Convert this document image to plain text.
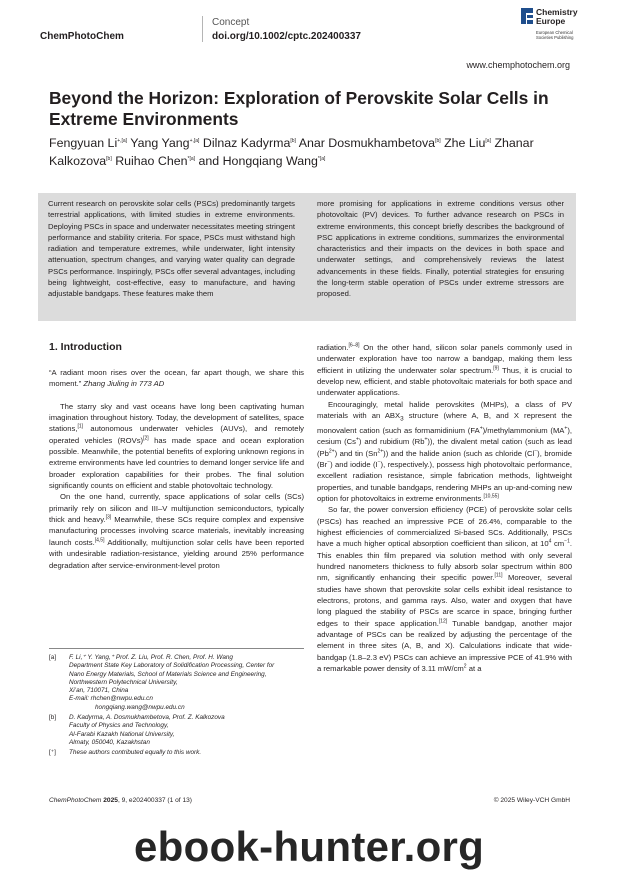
ChemPhotoChem
Concept
doi.org/10.1002/cptc.202400337
Chemistry
Europe
European Chemical
Societies Publishing
www.chemphotochem.org
Beyond the Horizon: Exploration of Perovskite Solar Cells in Extreme Environments
Fengyuan $Li^{+,[a]}$ Yang Yang$^{+,[a]}$ Dilnaz Kadyrma[b] Anar Dosmukhambetova[b] Zhe Liu[a] Zhanar Kalkozova[b] Ruihao Chen$^{*[a]}$ and Hongqiang Wang$^{*[a]}$
Current research on perovskite solar cells (PSCs) predominantly targets terrestrial applications, with limited studies in extreme environments. Deploying PSCs in space and underwater necessitates meeting stringent performance and stability criteria. For space, PSCs must withstand high radiation and temperature extremes, while underwater, light intensity attenuation, spectrum changes, and varying water quality can degrade PSCs performance. Inspiringly, PSCs offer several advantages, including being lightweight, cost-effective, easy to manufacture, and having adjustable bandgaps. These features make them
more promising for applications in extreme conditions versus other photovoltaic (PV) devices. To further advance research on PSCs in extreme environments, this concept briefly describes the background of PSC applications in extreme conditions, summarizes the environmental characteristics and their impacts on the devices in both space and underwater settings, and comprehensively reviews the latest advancements in these fields. Finally, potential strategies for ensuring the long-term stable operation of PSCs under extreme stressors are proposed.
1. Introduction

“A radiant moon rises over the ocean, far apart though, we share this moment.” Zhang Jiuling in 773 AD

The starry sky and vast oceans have long been captivating human imagination throughout history. Today, the development of satellites, space stations,[1] autonomous underwater vehicles (AUVs), and remotely operated vehicles (ROVs)[2] has made space and ocean exploration possible. Meanwhile, the potential benefits of exploring unknown regions in extreme environments have led countries to demand longer service life and broader exploration capabilities for their probes. The final solution significantly counts on efficient and stable photovoltaic technology.

On the one hand, currently, space applications of solar cells (SCs) primarily rely on silicon and III–V multijunction semiconductors, typically thick and heavy.[3] Meanwhile, these SCs require complex and expensive manufacturing processes involving scarce materials, inevitably increasing launch costs.[4,5] Additionally, multijunction solar cells have been reported with undesirable radiation-resistance, yielding around 25% performance degradation after service-environment-level proton

radiation.[6–8] On the other hand, silicon solar panels commonly used in underwater exploration have too narrow a bandgap, making them less efficient in utilizing the underwater solar spectrum.[9] Thus, it is crucial to develop new, efficient, and stable photovoltaic materials for both space and underwater applications.

Encouragingly, metal halide perovskites (MHPs), a class of PV materials with an $ABX_3$ structure (where A, B, and X represent the monovalent cation (such as formamidinium (FA+)/methylammonium (MA+), cesium (Cs+) and rubidium (Rb+)), the divalent metal cation (such as lead $(Pb^{2+})$ and tin $(Sn^{2+})$) and the halide anion (such as chloride (Cl−), bromide (Br−) and iodide (I−), respectively.), possess high photovoltaic performance, excellent radiation resistance, simple fabrication methods, lightweight properties, and tunable bandgaps, rendering MHPs an up-and-coming new option for photovoltaics in extreme environments.[10,55]

So far, the power conversion efficiency (PCE) of perovskite solar cells (PSCs) has reached an impressive PCE of 26.4%, comparable to the highest efficiencies of commercialized Si-based SCs. Additionally, PSCs have a much higher optical absorption coefficient than silicon, at $10^4$ $cm^{-1}$. This enables thin film prepared via solution method with only several hundred nanometers thickness to fully absorb solar spectrum within 800 nm, significantly enhancing their specific power.[11] Moreover, several studies have shown that perovskite solar cells exhibit ideal resistance to electrons, protons, and gamma rays. Also, water and oxygen that have long plagued the stability of PSCs are scarce in space, bringing further edges to their space application.[12] Tunable bandgap, another major advantage of PSCs can be realized by adjusting the percentage of the element in three sites (A, B, and X). Calculations indicate that wide-bandgap (1.8–2.3 eV) PSCs can achieve an impressive PCE of 41.9% with a remarkable power density of 3.11 $mW/cm^2$ at a

[a] F. Li,⁺ Y. Yang,⁺ Prof. Z. Liu, Prof. R. Chen, Prof. H. Wang
Department State Key Laboratory of Solidification Processing, Center for
Nano Energy Materials, School of Materials Science and Engineering,
Northwestern Polytechnical University,
Xi’an, 710071, China
E-mail: rhchen@nwpu.edu.cn
hongqiang.wang@nwpu.edu.cn
[b] D. Kadyrma, A. Dosmukhambetova, Prof. Z. Kalkozova
Faculty of Physics and Technology,
Al-Farabi Kazakh National University,
Almaty, 050040, Kazakhstan
[⁺] These authors contributed equally to this work.
ChemPhotoChem 2025, 9, e202400337 (1 of 13)	© 2025 Wiley-VCH GmbH
ebook-hunter.org
